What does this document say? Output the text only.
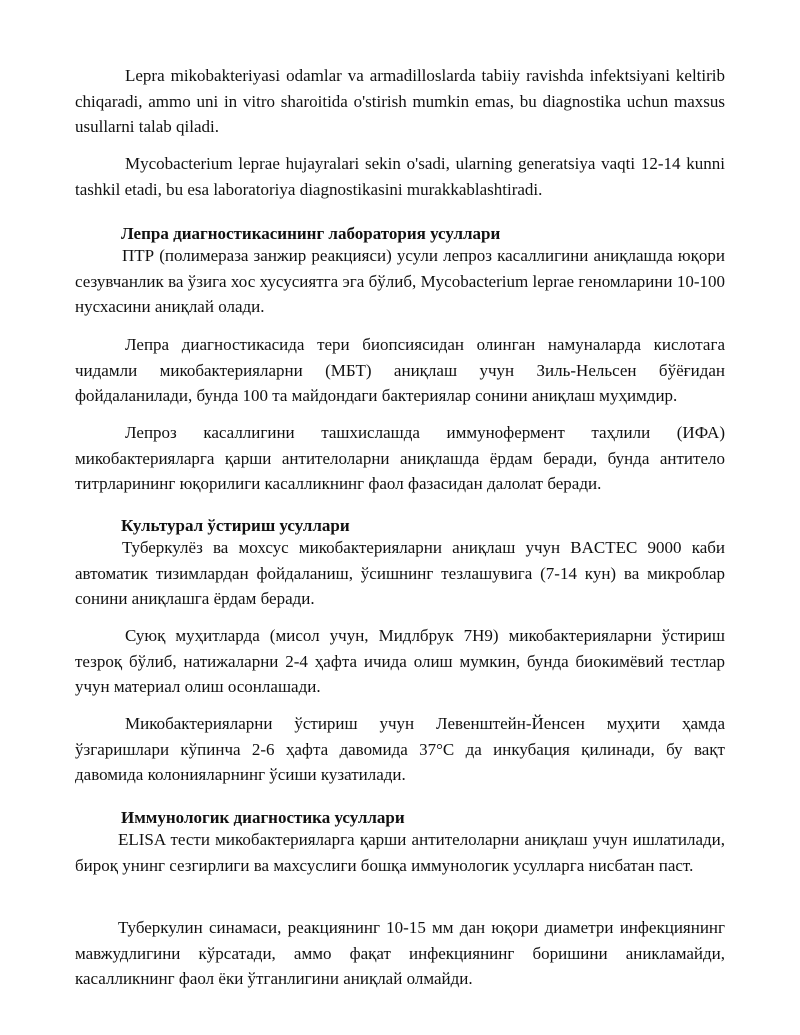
Lepra mikobakteriyasi odamlar va armadilloslarda tabiiy ravishda infektsiyani keltirib chiqaradi, ammo uni in vitro sharoitida o'stirish mumkin emas, bu diagnostika uchun maxsus usullarni talab qiladi.

Mycobacterium leprae hujayralari sekin o'sadi, ularning generatsiya vaqti 12-14 kunni tashkil etadi, bu esa laboratoriya diagnostikasini murakkablashtiradi.

Лепра диагностикасининг лаборатория усуллари

ПТР (полимераза занжир реакцияси) усули лепроз касаллигини аниқлашда юқори сезувчанлик ва ўзига хос хусусиятга эга бўлиб, Mycobacterium leprae геномларини 10-100 нусхасини аниқлай олади.

Лепра диагностикасида тери биопсиясидан олинган намуналарда кислотага чидамли микобактерияларни (МБТ) аниқлаш учун Зиль-Нельсен бўёғидан фойдаланилади, бунда 100 та майдондаги бактериялар сонини аниқлаш муҳимдир.

Лепроз касаллигини ташхислашда иммунофермент таҳлили (ИФА) микобактерияларга қарши антителоларни аниқлашда ёрдам беради, бунда антитело титрларининг юқорилиги касалликнинг фаол фазасидан далолат беради.

Культурал ўстириш усуллари

Туберкулёз ва мохсус микобактерияларни аниқлаш учун BACTEC 9000 каби автоматик тизимлардан фойдаланиш, ўсишнинг тезлашувига (7-14 кун) ва микроблар сонини аниқлашга ёрдам беради.

Суюқ муҳитларда (мисол учун, Мидлбрук 7H9) микобактерияларни ўстириш тезроқ бўлиб, натижаларни 2-4 ҳафта ичида олиш мумкин, бунда биокимёвий тестлар учун материал олиш осонлашади.

Микобактерияларни ўстириш учун Левенштейн-Йенсен муҳити ҳамда ўзгаришлари кўпинча 2-6 ҳафта давомида 37°C да инкубация қилинади, бу вақт давомида колонияларнинг ўсиши кузатилади.

Иммунологик диагностика усуллари

ELISA тести микобактерияларга қарши антителоларни аниқлаш учун ишлатилади, бироқ унинг сезгирлиги ва махсуслиги бошқа иммунологик усулларга нисбатан паст.

Туберкулин синамаси, реакциянинг 10-15 мм дан юқори диаметри инфекциянинг мавжудлигини кўрсатади, аммо фақат инфекциянинг боришини аникламайди, касалликнинг фаол ёки ўтганлигини аниқлай олмайди.
